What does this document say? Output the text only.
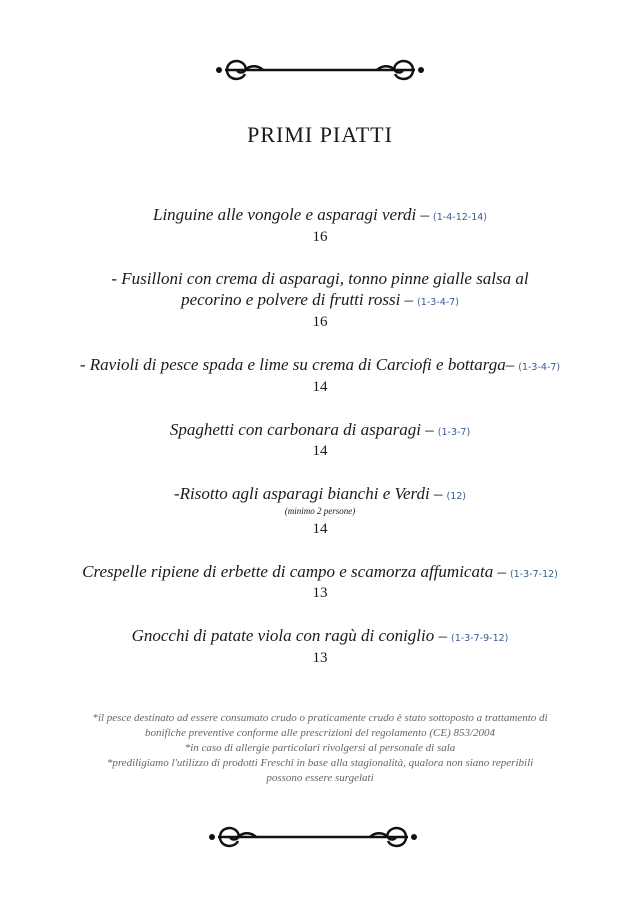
PRIMI PIATTI
Linguine alle vongole e asparagi verdi – (1-4-12-14)
16
- Fusilloni con crema di asparagi, tonno pinne gialle salsa al
pecorino e polvere di frutti rossi – (1-3-4-7)
16
- Ravioli di pesce spada e lime su crema di Carciofi e bottarga– (1-3-4-7)
14
Spaghetti con carbonara di asparagi – (1-3-7)
14
-Risotto agli asparagi bianchi e Verdi – (12)
(minimo 2 persone)
14
Crespelle ripiene di erbette di campo e scamorza affumicata – (1-3-7-12)
13
Gnocchi di patate viola con ragù di coniglio – (1-3-7-9-12)
13
*il pesce destinato ad essere consumato crudo o praticamente crudo è stato sottoposto a trattamento di
bonifiche preventive conforme alle prescrizioni del regolamento (CE) 853/2004
*in caso di allergie particolari rivolgersi al personale di sala
*prediligiamo l'utilizzo di prodotti Freschi in base alla stagionalità, qualora non siano reperibili
possono essere surgelati
